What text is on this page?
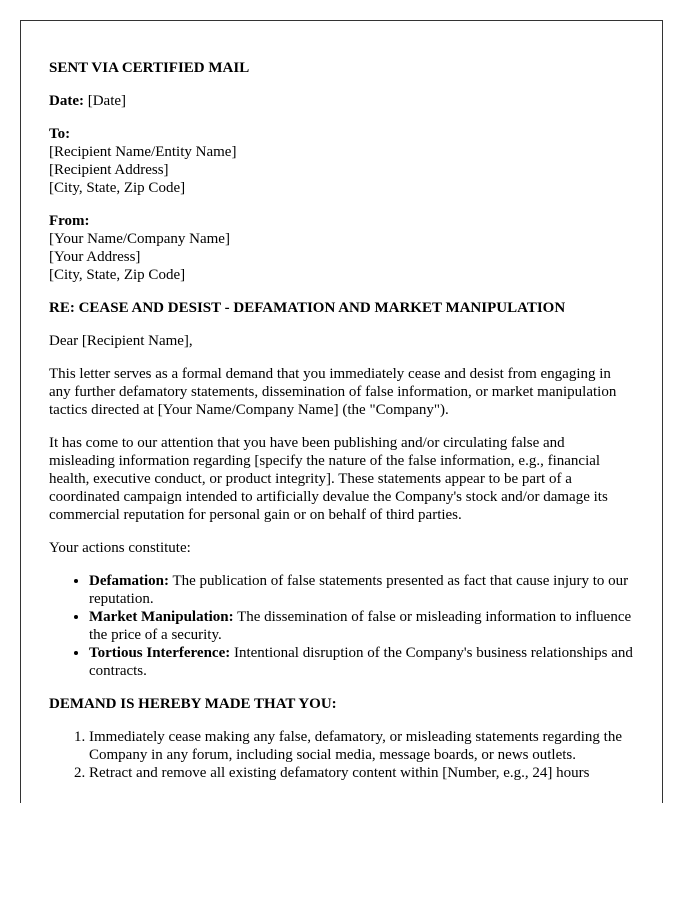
SENT VIA CERTIFIED MAIL

Date: [Date]

To:
[Recipient Name/Entity Name]
[Recipient Address]
[City, State, Zip Code]

From:
[Your Name/Company Name]
[Your Address]
[City, State, Zip Code]

RE: CEASE AND DESIST - DEFAMATION AND MARKET MANIPULATION

Dear [Recipient Name],

This letter serves as a formal demand that you immediately cease and desist from engaging in any further defamatory statements, dissemination of false information, or market manipulation tactics directed at [Your Name/Company Name] (the "Company").

It has come to our attention that you have been publishing and/or circulating false and misleading information regarding [specify the nature of the false information, e.g., financial health, executive conduct, or product integrity]. These statements appear to be part of a coordinated campaign intended to artificially devalue the Company's stock and/or damage its commercial reputation for personal gain or on behalf of third parties.

Your actions constitute:

• Defamation: The publication of false statements presented as fact that cause injury to our reputation.
• Market Manipulation: The dissemination of false or misleading information to influence the price of a security.
• Tortious Interference: Intentional disruption of the Company's business relationships and contracts.

DEMAND IS HEREBY MADE THAT YOU:

1. Immediately cease making any false, defamatory, or misleading statements regarding the Company in any forum, including social media, message boards, or news outlets.
2. Retract and remove all existing defamatory content within [Number, e.g., 24] hours
